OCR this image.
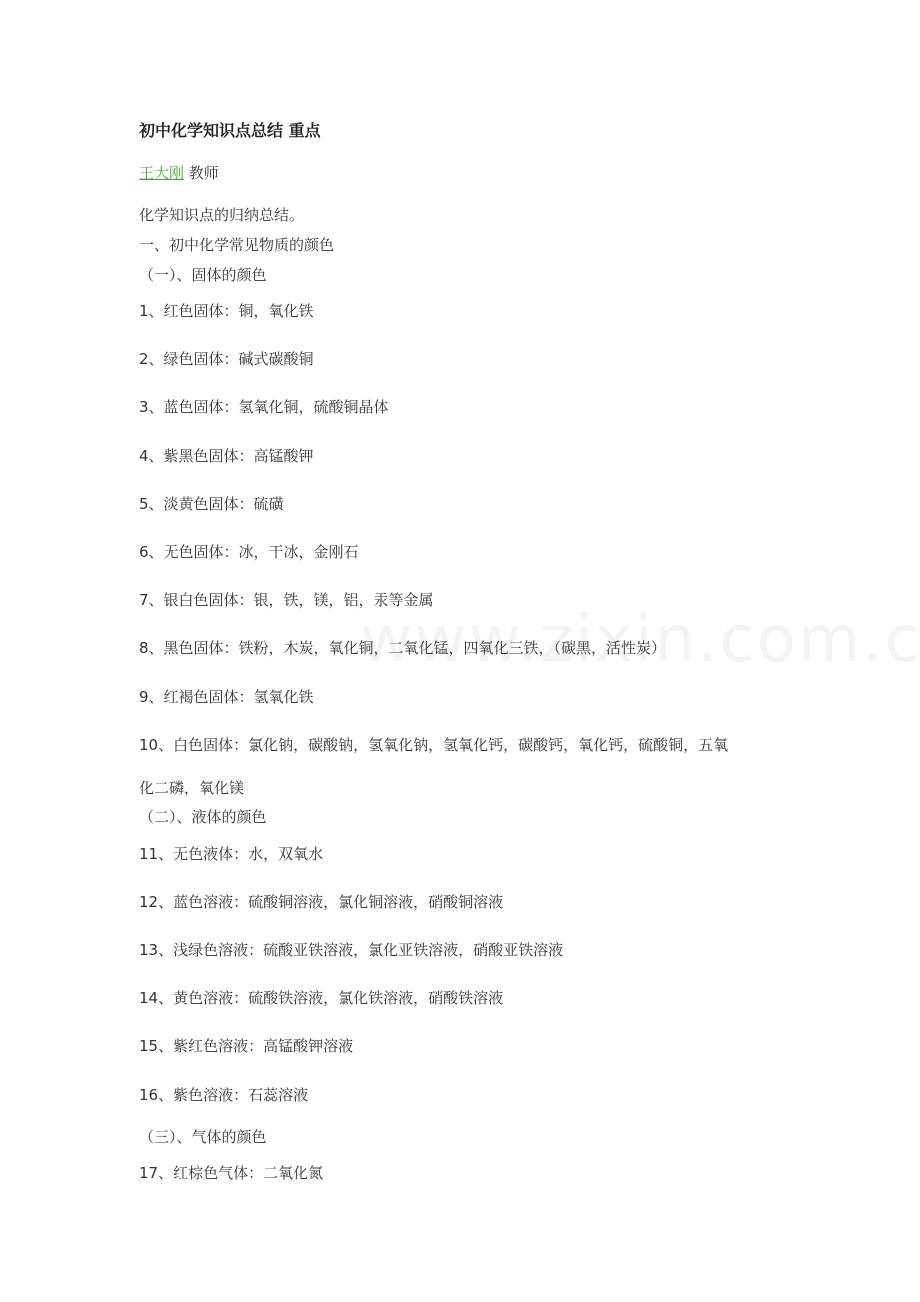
初中化学知识点总结 重点
王大刚 教师
化学知识点的归纳总结。
一、初中化学常见物质的颜色
（一）、固体的颜色
1、红色固体：铜，氧化铁
2、绿色固体：碱式碳酸铜
3、蓝色固体：氢氧化铜，硫酸铜晶体
4、紫黑色固体：高锰酸钾
5、淡黄色固体：硫磺
6、无色固体：冰，干冰，金刚石
7、银白色固体：银，铁，镁，铝，汞等金属
8、黑色固体：铁粉，木炭，氧化铜，二氧化锰，四氧化三铁，（碳黑，活性炭）
9、红褐色固体：氢氧化铁
10、白色固体：氯化钠，碳酸钠，氢氧化钠，氢氧化钙，碳酸钙，氧化钙，硫酸铜，五氧
化二磷，氧化镁
（二）、液体的颜色
11、无色液体：水，双氧水
12、蓝色溶液：硫酸铜溶液，氯化铜溶液，硝酸铜溶液
13、浅绿色溶液：硫酸亚铁溶液，氯化亚铁溶液，硝酸亚铁溶液
14、黄色溶液：硫酸铁溶液，氯化铁溶液，硝酸铁溶液
15、紫红色溶液：高锰酸钾溶液
16、紫色溶液：石蕊溶液
（三）、气体的颜色
17、红棕色气体：二氧化氮
